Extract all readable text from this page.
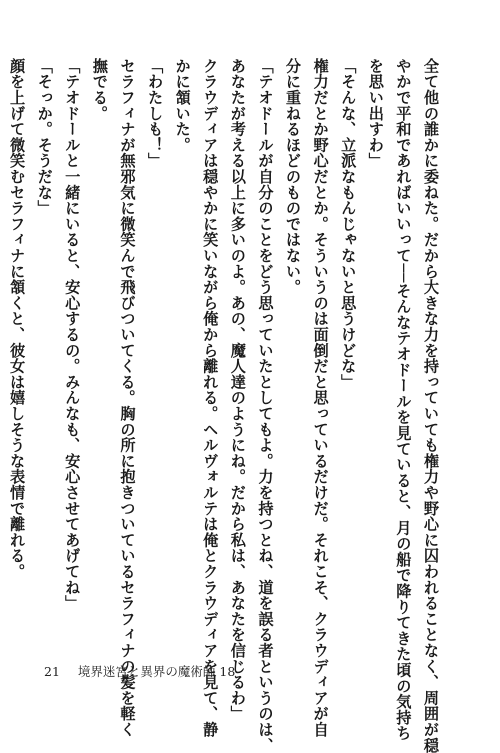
全て他の誰かに委ねた。だから大きな力を持っていても権力や野心に囚われることなく、周囲が穏
やかで平和であればいいって──そんなテオドールを見ていると、月の船で降りてきた頃の気持ち
を思い出すわ」
「そんな、立派なもんじゃないと思うけどな」
権力だとか野心だとか。そういうのは面倒だと思っているだけだ。それこそ、クラウディアが自
分に重ねるほどのものではない。
「テオドールが自分のことをどう思っていたとしてもよ。力を持つとね、道を誤る者というのは、
あなたが考える以上に多いのよ。あの、魔人達のようにね。だから私は、あなたを信じるわ」
クラウディアは穏やかに笑いながら俺から離れる。ヘルヴォルテは俺とクラウディアを見て、静
かに頷いた。
「わたしも！」
セラフィナが無邪気に微笑んで飛びついてくる。胸の所に抱きついているセラフィナの髪を軽く
撫でる。
「テオドールと一緒にいると、安心するの。みんなも、安心させてあげてね」
「そっか。そうだな」
顔を上げて微笑むセラフィナに頷くと、彼女は嬉しそうな表情で離れる。
21 境界迷宮と異界の魔術師 18
